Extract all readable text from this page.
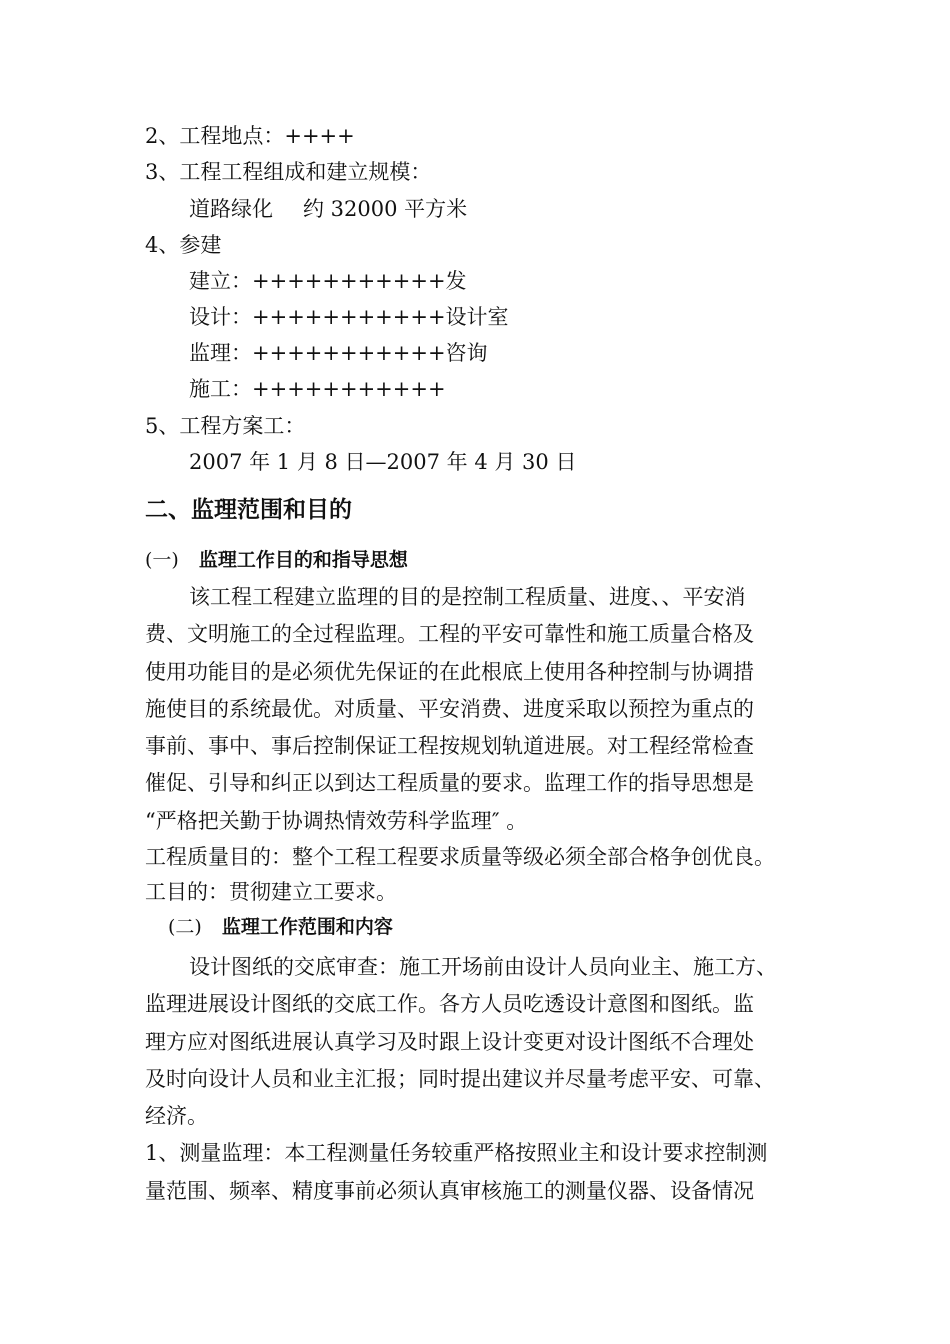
2、工程地点：++++
3、工程工程组成和建立规模：
道路绿化 约 32000 平方米
4、参建
建立：+++++++++++发
设计：+++++++++++设计室
监理：+++++++++++咨询
施工：+++++++++++
5、工程方案工：
2007 年 1 月 8 日—2007 年 4 月 30 日
二、监理范围和目的
(一) 监理工作目的和指导思想
该工程工程建立监理的目的是控制工程质量、进度、、平安消
费、文明施工的全过程监理。工程的平安可靠性和施工质量合格及
使用功能目的是必须优先保证的在此根底上使用各种控制与协调措
施使目的系统最优。对质量、平安消费、进度采取以预控为重点的
事前、事中、事后控制保证工程按规划轨道进展。对工程经常检查
催促、引导和纠正以到达工程质量的要求。监理工作的指导思想是
“严格把关勤于协调热情效劳科学监理″ 。
工程质量目的：整个工程工程要求质量等级必须全部合格争创优良。
工目的：贯彻建立工要求。
(二) 监理工作范围和内容
设计图纸的交底审查：施工开场前由设计人员向业主、施工方、
监理进展设计图纸的交底工作。各方人员吃透设计意图和图纸。监
理方应对图纸进展认真学习及时跟上设计变更对设计图纸不合理处
及时向设计人员和业主汇报；同时提出建议并尽量考虑平安、可靠、
经济。
1、测量监理：本工程测量任务较重严格按照业主和设计要求控制测
量范围、频率、精度事前必须认真审核施工的测量仪器、设备情况
